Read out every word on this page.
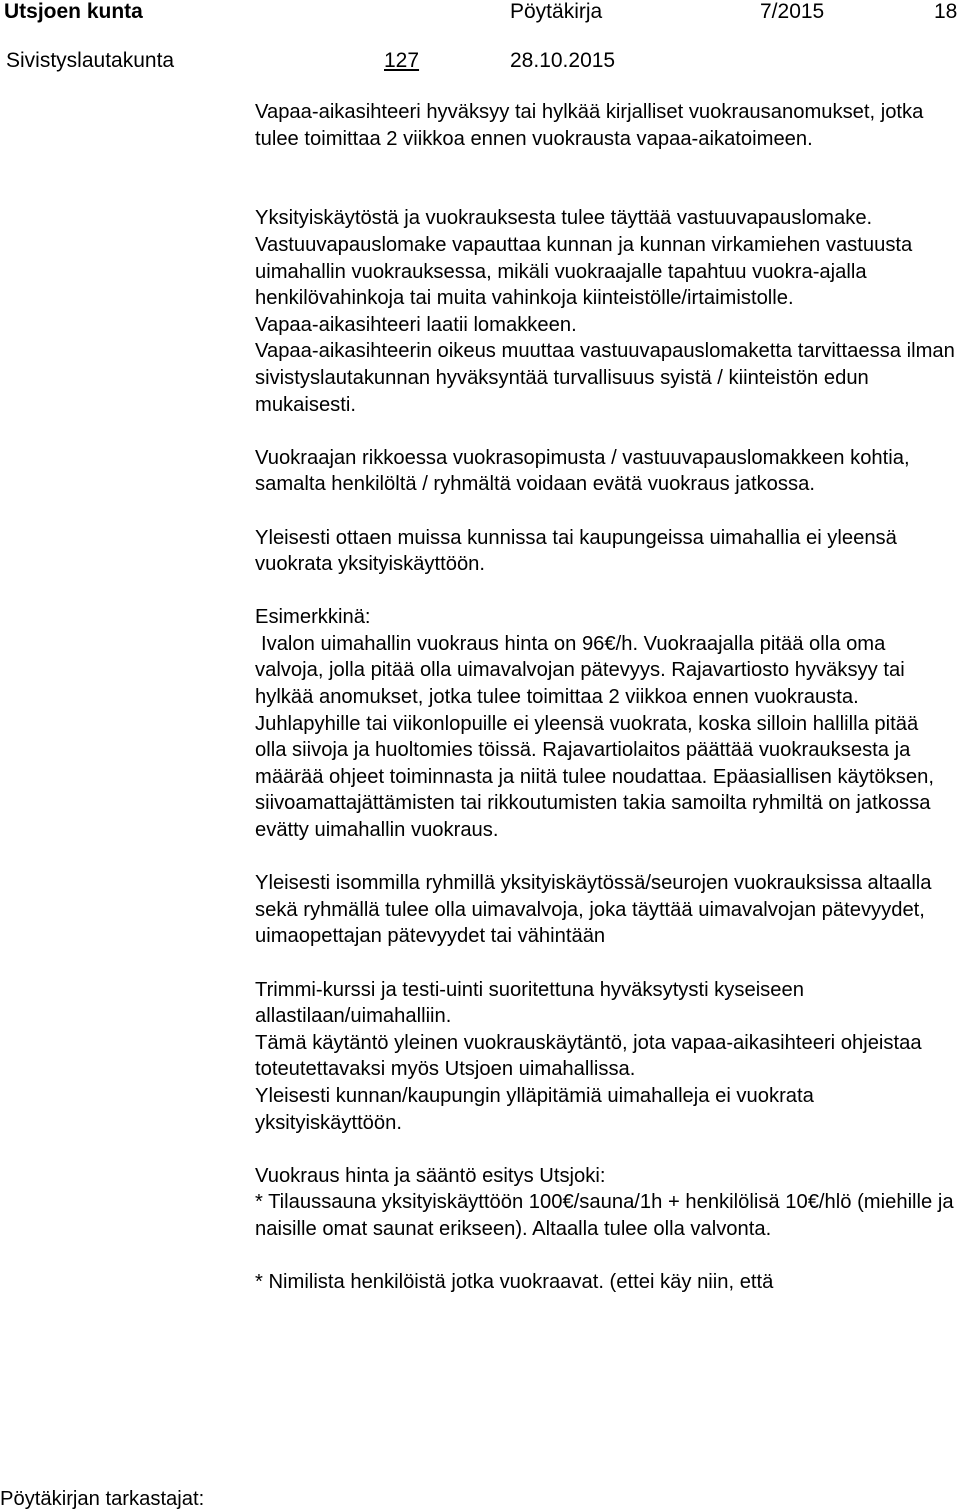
Utsjoen kunta	Pöytäkirja	7/2015	18
Sivistyslautakunta	127	28.10.2015

Vapaa-aikasihteeri hyväksyy tai hylkää kirjalliset vuokrausanomukset, jotka tulee toimittaa 2 viikkoa ennen vuokrausta vapaa-aikatoimeen.

Yksityiskäytöstä ja vuokrauksesta tulee täyttää vastuuvapauslomake. Vastuuvapauslomake vapauttaa kunnan ja kunnan virkamiehen vastuusta uimahallin vuokrauksessa, mikäli vuokraajalle tapahtuu vuokra-ajalla henkilövahinkoja tai muita vahinkoja kiinteistölle/irtaimistolle.

Vapaa-aikasihteeri laatii lomakkeen.

Vapaa-aikasihteerin oikeus muuttaa vastuuvapauslomaketta tarvittaessa ilman sivistyslautakunnan hyväksyntää turvallisuus syistä / kiinteistön edun mukaisesti.

Vuokraajan rikkoessa vuokrasopimusta / vastuuvapauslomakkeen kohtia, samalta henkilöltä / ryhmältä voidaan evätä vuokraus jatkossa.

Yleisesti ottaen muissa kunnissa tai kaupungeissa uimahallia ei yleensä vuokrata yksityiskäyttöön.

Esimerkkinä:

Ivalon uimahallin vuokraus hinta on 96€/h. Vuokraajalla pitää olla oma valvoja, jolla pitää olla uimavalvojan pätevyys. Rajavartiosto hyväksyy tai hylkää anomukset, jotka tulee toimittaa 2 viikkoa ennen vuokrausta. Juhlapyhille tai viikonlopuille ei yleensä vuokrata, koska silloin hallilla pitää olla siivoja ja huoltomies töissä. Rajavartiolaitos päättää vuokrauksesta ja määrää ohjeet toiminnasta ja niitä tulee noudattaa. Epäasiallisen käytöksen, siivoamattajättämisten tai rikkoutumisten takia samoilta ryhmiltä on jatkossa evätty uimahallin vuokraus.

Yleisesti isommilla ryhmillä yksityiskäytössä/seurojen vuokrauksissa altaalla sekä ryhmällä tulee olla uimavalvoja, joka täyttää uimavalvojan pätevyydet, uimaopettajan pätevyydet tai vähintään

Trimmi-kurssi ja testi-uinti suoritettuna hyväksytysti kyseiseen allastilaan/uimahalliin.

Tämä käytäntö yleinen vuokrauskäytäntö, jota vapaa-aikasihteeri ohjeistaa toteutettavaksi myös Utsjoen uimahallissa.

Yleisesti kunnan/kaupungin ylläpitämiä uimahalleja ei vuokrata yksityiskäyttöön.

Vuokraus hinta ja sääntö esitys Utsjoki:

* Tilaussauna yksityiskäyttöön 100€/sauna/1h + henkilölisä 10€/hlö (miehille ja naisille omat saunat erikseen). Altaalla tulee olla valvonta.

* Nimilista henkilöistä jotka vuokraavat. (ettei käy niin, että

Pöytäkirjan tarkastajat:
